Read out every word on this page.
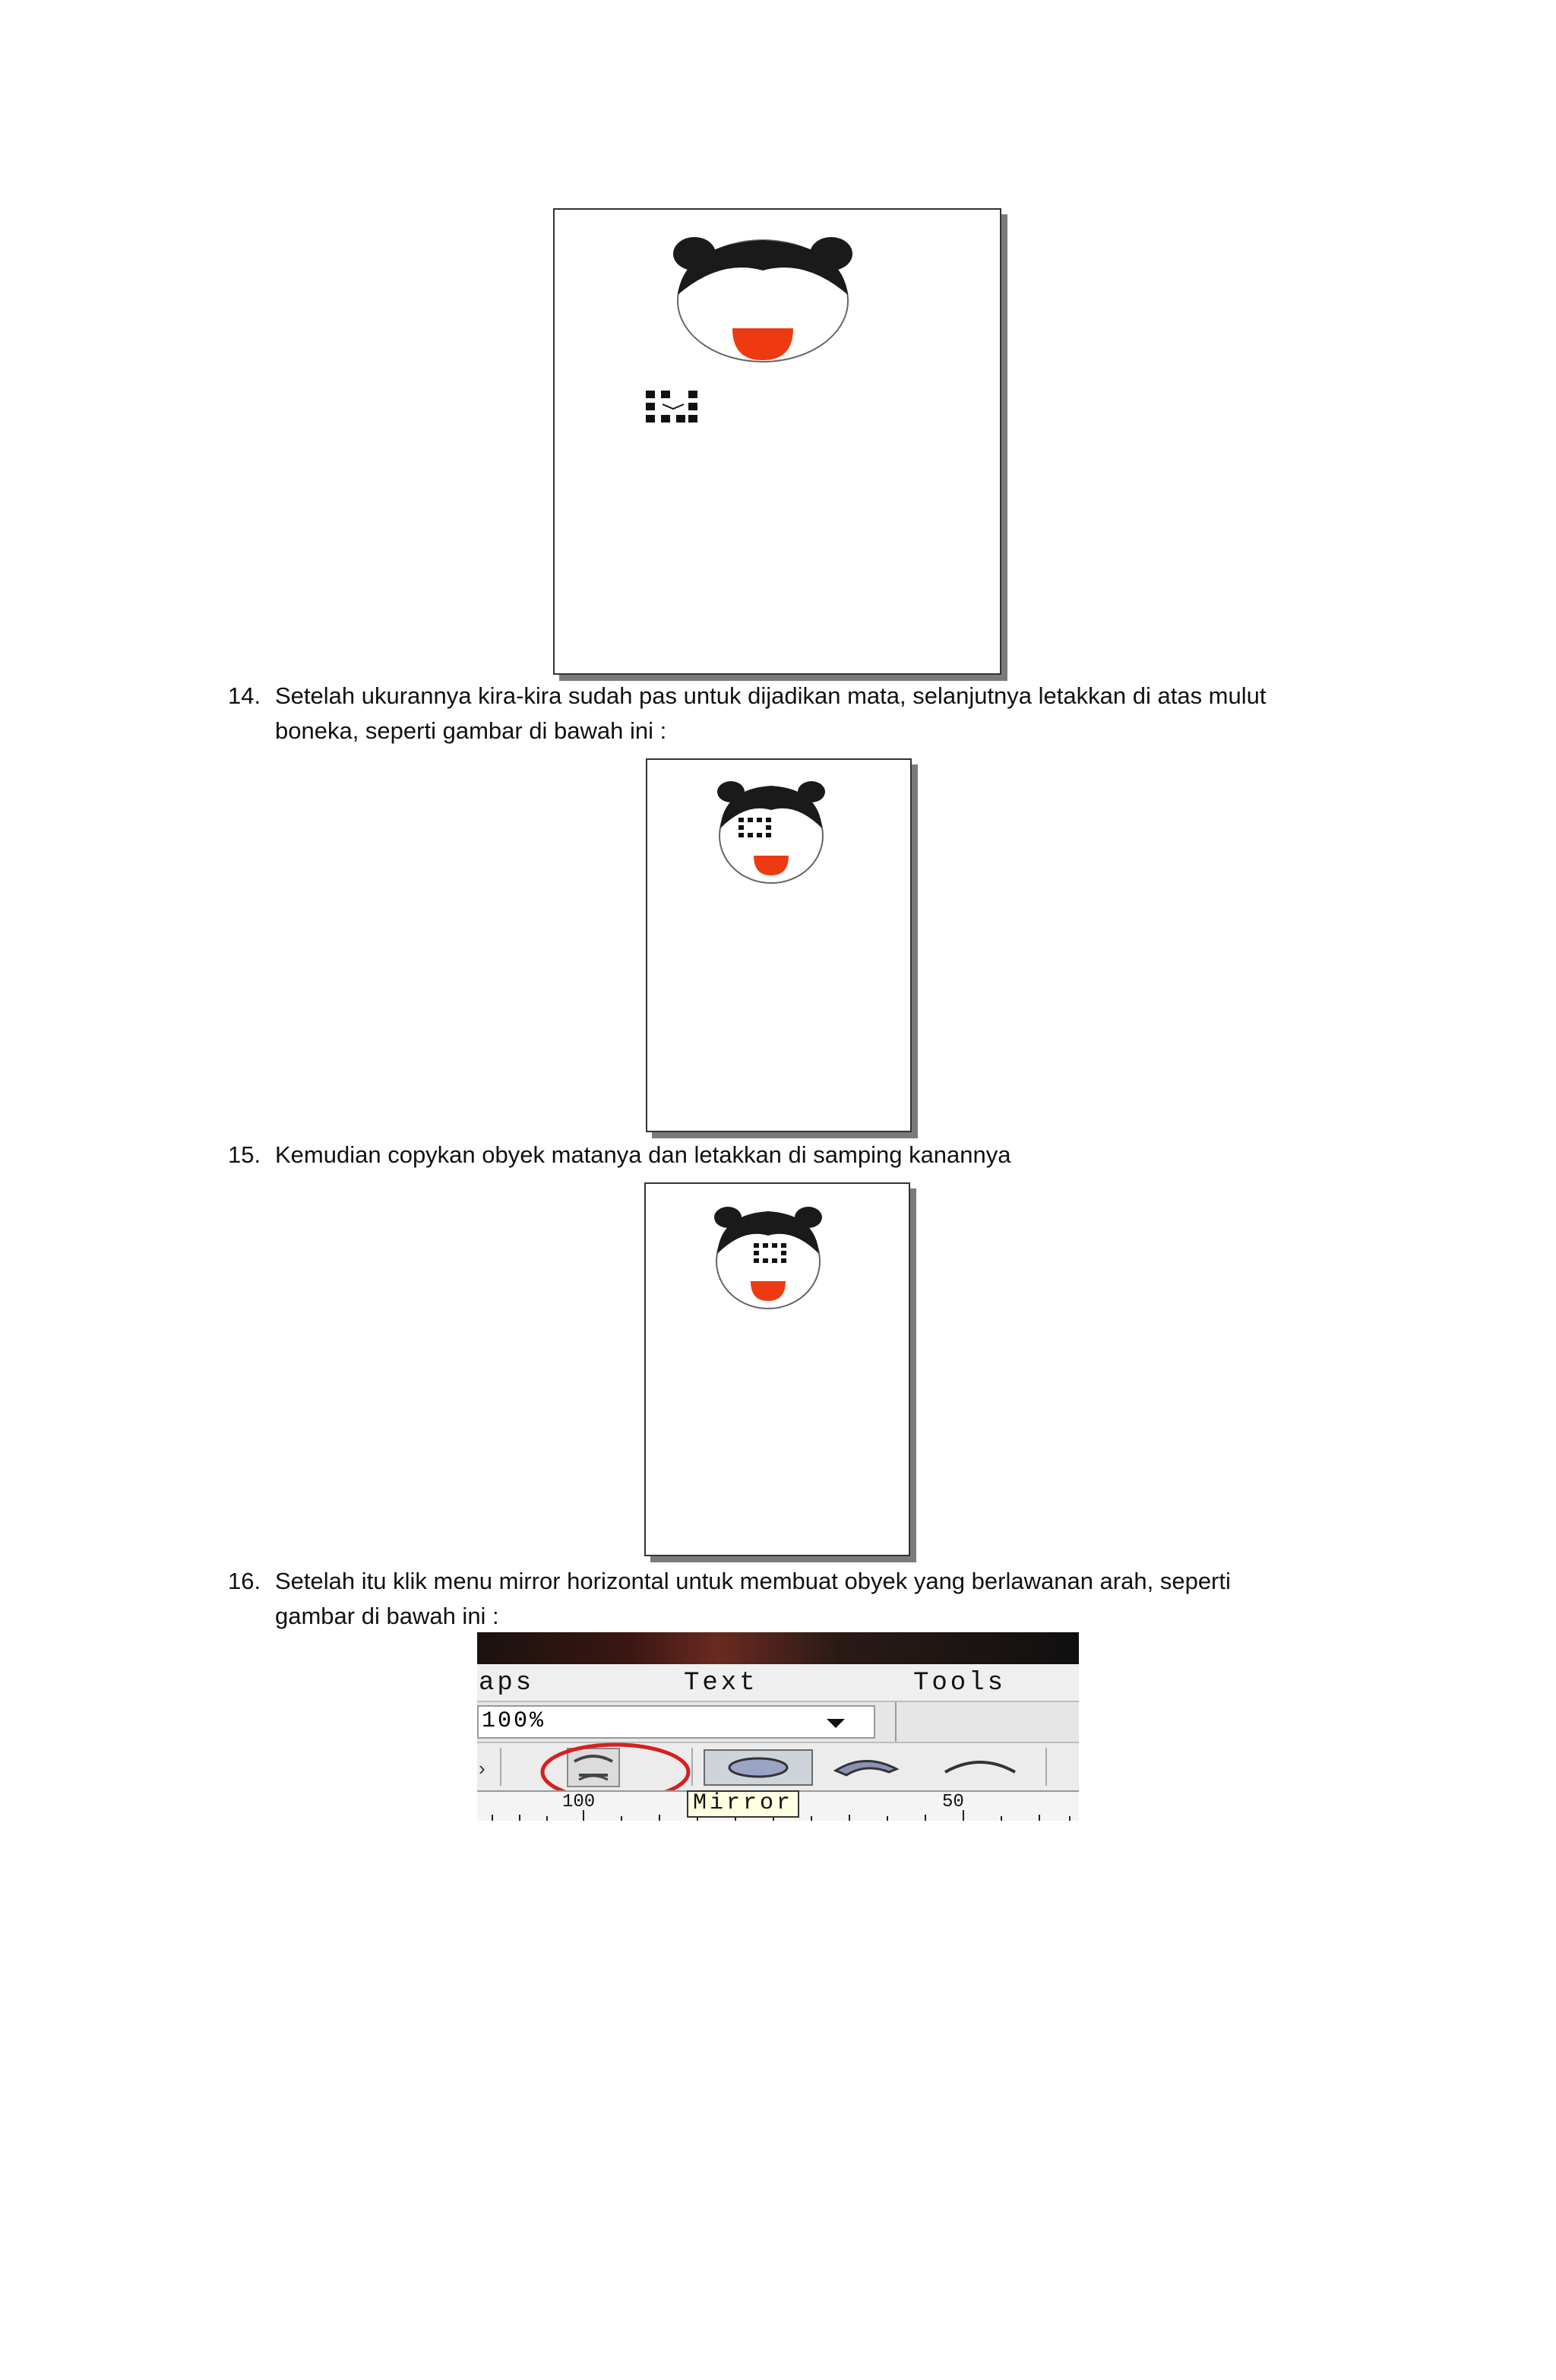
14. Setelah ukurannya kira-kira sudah pas untuk dijadikan mata, selanjutnya letakkan di atas mulut
boneka, seperti gambar di bawah ini :
15. Kemudian copykan obyek matanya dan letakkan di samping kanannya
16. Setelah itu klik menu mirror horizontal untuk membuat obyek yang berlawanan arah, seperti
gambar di bawah ini :
aps	Text	Tools
100%
›
100	50
Mirror
